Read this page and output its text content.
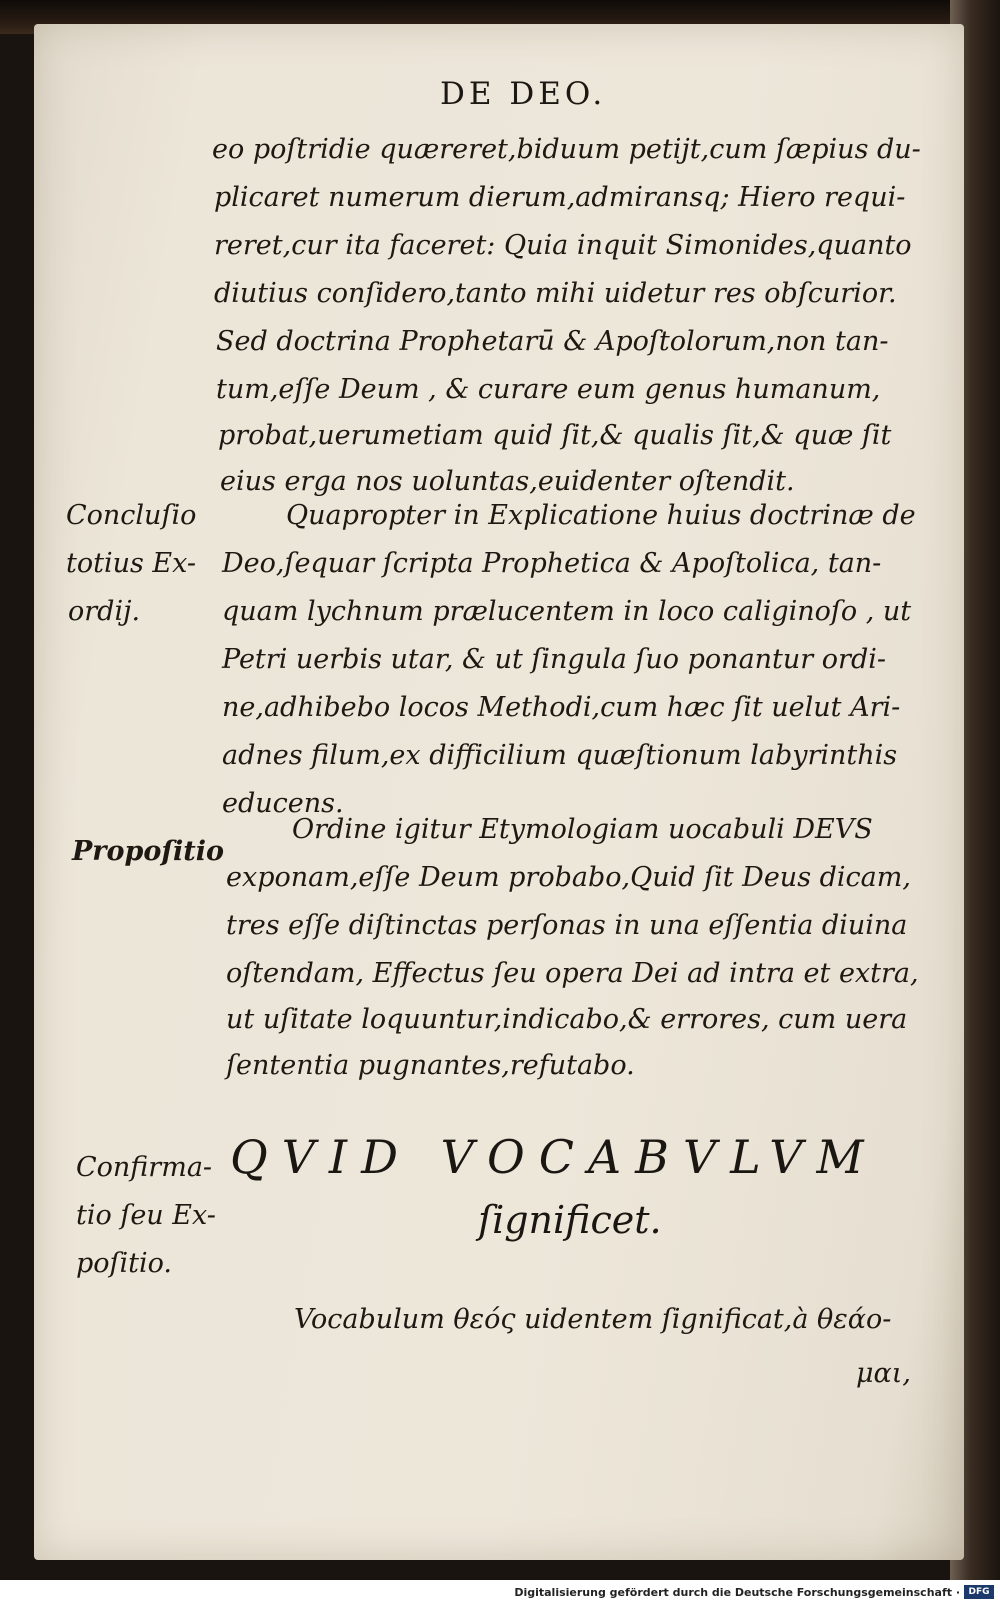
DE DEO.
eo poſtridie quæreret,biduum petijt,cum ſæpius du-
plicaret numerum dierum,admiransq; Hiero requi-
reret,cur ita faceret: Quia inquit Simonides,quanto
diutius conſidero,tanto mihi uidetur res obſcurior.
Sed doctrina Prophetarū & Apoſtolorum,non tan-
tum,eſſe Deum , & curare eum genus humanum,
probat,uerumetiam quid ſit,& qualis ſit,& quæ ſit
eius erga nos uoluntas,euidenter oſtendit.
Concluſio
totius Ex-
ordij.
Quapropter in Explicatione huius doctrinæ de
Deo,ſequar ſcripta Prophetica & Apoſtolica, tan-
quam lychnum prælucentem in loco caliginoſo , ut
Petri uerbis utar, & ut ſingula ſuo ponantur ordi-
ne,adhibebo locos Methodi,cum hæc ſit uelut Ari-
adnes filum,ex difficilium quæſtionum labyrinthis
educens.
Propoſitio
Ordine igitur Etymologiam uocabuli DEVS
exponam,eſſe Deum probabo,Quid ſit Deus dicam,
tres eſſe diſtinctas perſonas in una eſſentia diuina
oſtendam, Effectus ſeu opera Dei ad intra et extra,
ut uſitate loquuntur,indicabo,& errores, cum uera
ſententia pugnantes,refutabo.
Confirma-
tio ſeu Ex-
poſitio.
QVID VOCABVLVM
ſignificet.
Vocabulum θεός uidentem ſignificat,à θεάο-
μαι,
Digitalisierung gefördert durch die Deutsche Forschungsgemeinschaft · DFG
